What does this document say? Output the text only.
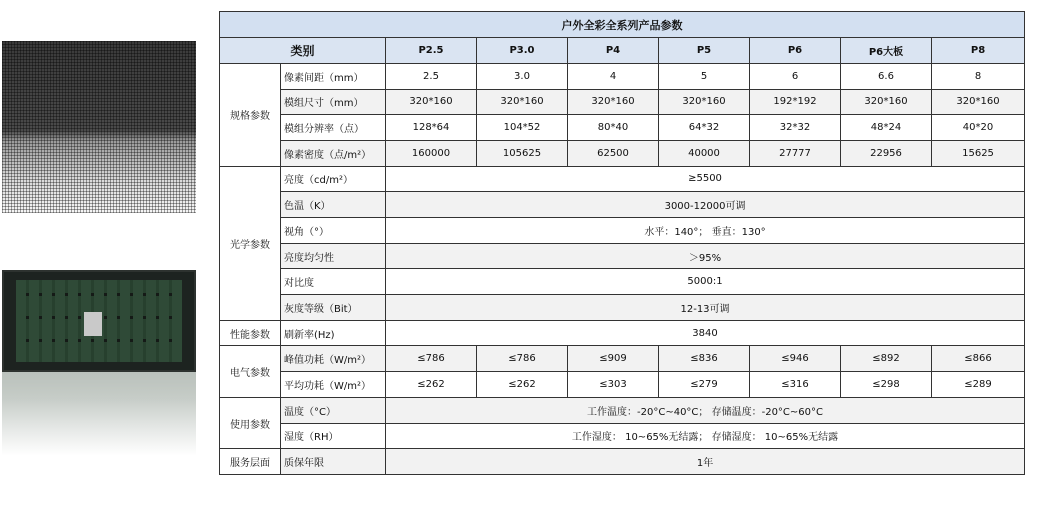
户外全彩全系列产品参数								
类别		P2.5	P3.0	P4	P5	P6	P6大板	P8
规格参数	像素间距（mm）	2.5	3.0	4	5	6	6.6	8
	模组尺寸（mm）	320*160	320*160	320*160	320*160	192*192	320*160	320*160
	模组分辨率（点）	128*64	104*52	80*40	64*32	32*32	48*24	40*20
	像素密度（点/m²）	160000	105625	62500	40000	27777	22956	15625
光学参数	亮度（cd/m²）	≥5500						
	色温（K）	3000-12000可调						
	视角（°）	水平：140°； 垂直：130°						
	亮度均匀性	＞95%						
	对比度	5000:1						
	灰度等级（Bit）	12-13可调						
性能参数	刷新率(Hz)	3840						
电气参数	峰值功耗（W/m²）	≤786	≤786	≤909	≤836	≤946	≤892	≤866
	平均功耗（W/m²）	≤262	≤262	≤303	≤279	≤316	≤298	≤289
使用参数	温度（°C）	工作温度：-20°C~40°C； 存储温度：-20°C~60°C						
	湿度（RH）	工作湿度： 10~65%无结露； 存储湿度： 10~65%无结露						
服务层面	质保年限	1年						
